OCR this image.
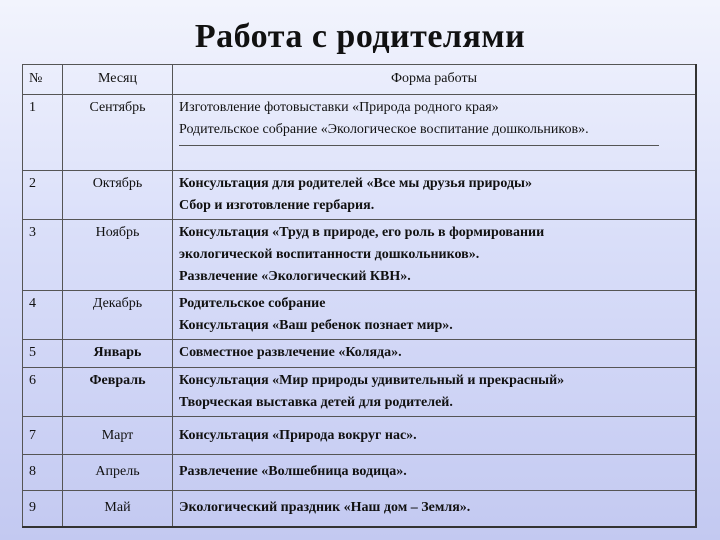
Работа с родителями
№	Месяц	Форма работы
1	Сентябрь	Изготовление фотовыставки «Природа родного края»
Родительское собрание «Экологическое воспитание дошкольников».

2	Октябрь	Консультация для родителей «Все мы друзья природы»
Сбор и изготовление гербария.

3	Ноябрь	Консультация «Труд в природе, его роль в формировании
экологической воспитанности дошкольников».
Развлечение «Экологический КВН».

4	Декабрь	Родительское собрание
Консультация «Ваш ребенок познает мир».

5	Январь	Совместное развлечение «Коляда».

6	Февраль	Консультация «Мир природы удивительный и прекрасный»
Творческая выставка детей для родителей.

7	Март	Консультация «Природа вокруг нас».

8	Апрель	Развлечение «Волшебница водица».

9	Май	Экологический праздник «Наш дом – Земля».
